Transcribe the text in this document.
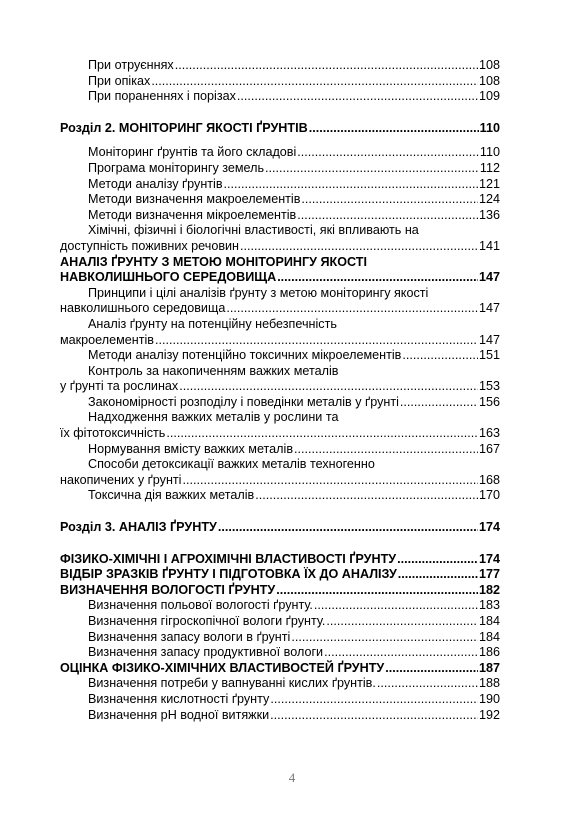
При отруєннях .....	108
При опіках .....	108
При пораненнях і порізах .....	109
Розділ 2. МОНІТОРИНГ ЯКОСТІ ҐРУНТІВ .....	110
Моніторинг ґрунтів та його складові .....	110
Програма моніторингу земель .....	112
Методи аналізу ґрунтів .....	121
Методи визначення макроелементів .....	124
Методи визначення мікроелементів .....	136
Хімічні, фізичні і біологічні властивості, які впливають на
доступність поживних речовин .....	141
АНАЛІЗ ҐРУНТУ З МЕТОЮ МОНІТОРИНГУ ЯКОСТІ
НАВКОЛИШНЬОГО СЕРЕДОВИЩА .....	147
Принципи і цілі аналізів ґрунту з метою моніторингу якості
навколишнього середовища .....	147
Аналіз ґрунту на потенційну небезпечність
макроелементів .....	147
Методи аналізу потенційно токсичних мікроелементів .....	151
Контроль за накопиченням важких металів
у ґрунті та рослинах .....	153
Закономірності розподілу і поведінки металів у ґрунті .....	156
Надходження важких металів у рослини та
їх фітотоксичність .....	163
Нормування вмісту важких металів .....	167
Способи детоксикації важких металів техногенно
накопичених у ґрунті .....	168
Токсична дія важких металів .....	170
Розділ 3. АНАЛІЗ ҐРУНТУ .....	174
ФІЗИКО-ХІМІЧНІ І АГРОХІМІЧНІ ВЛАСТИВОСТІ ҐРУНТУ .....	174
ВІДБІР ЗРАЗКІВ ҐРУНТУ І ПІДГОТОВКА ЇХ ДО АНАЛІЗУ .....	177
ВИЗНАЧЕННЯ ВОЛОГОСТІ ҐРУНТУ .....	182
Визначення польової вологості ґрунту. .....	183
Визначення гігроскопічної вологи ґрунту. .....	184
Визначення запасу вологи в ґрунті .....	184
Визначення запасу продуктивної вологи .....	186
ОЦІНКА ФІЗИКО-ХІМІЧНИХ ВЛАСТИВОСТЕЙ ҐРУНТУ .....	187
Визначення потреби у вапнуванні кислих ґрунтів. .....	188
Визначення кислотності ґрунту .....	190
Визначення рН водної витяжки .....	192
4
